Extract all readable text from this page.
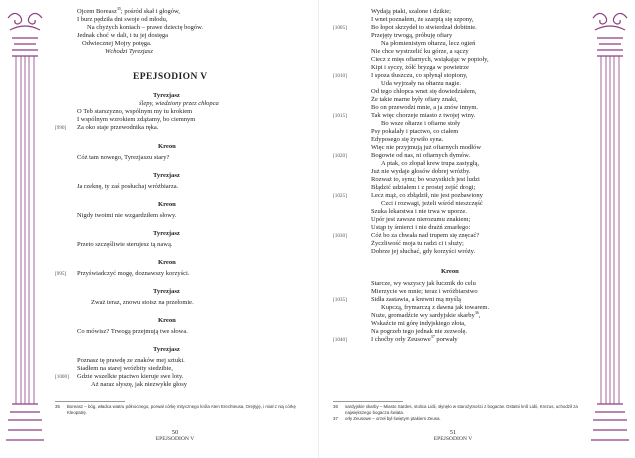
Ojcem Boreasz$^{35}$; pośród skał i głogów,
I burz pędziła dni swoje od młodu,
Na chyżych koniach – prawe dziecię bogów.
Jednak choć w dali, i tu jej dosięga
Odwiecznej Mojry potęga.
Wchodzi Tyrezjasz
EPEJSODION V
Tyrezjasz
ślepy, wiedziony przez chłopca
O Teb starszyzno, wspólnym my tu krokiem
I wspólnym wzrokiem zdążamy, bo ciemnym
[990] Za oko staje przewodnika ręka.
Kreon
Cóż tam nowego, Tyrezjaszu stary?
Tyrezjasz
Ja rzeknę, ty zaś posłuchaj wróżbiarza.
Kreon
Nigdy twoimi nie wzgardziłem słowy.
Tyrezjasz
Przeto szczęśliwie sterujesz tą nawą.
Kreon
[995] Przyświadczyć mogę, doznawszy korzyści.
Tyrezjasz
Zważ teraz, znowu stoisz na przełomie.
Kreon
Co mówisz? Trwogą przejmują twe słowa.
Tyrezjasz
Poznasz tę prawdę ze znaków mej sztuki.
Siadłem na starej wróżbity siedzibie,
[1000] Gdzie wszelkie ptactwo kieruje swe loty.
Aż naraz słyszę, jak niezwykłe głosy
35	Boreasz – bóg, władca wiatru północnego, porwał córkę mitycznego króla Aten Erechteusa, Orejtyję, i miał z nią córkę Kleopatrę.
50
EPEJSODION V
Wydają ptaki, szalone i dzikie;
I wnet poznałem, że szarpią się szpony,
[1005]	Bo łopot skrzydeł to stwierdzał dobitnie.
Przejęty trwogą, próbuję ofiary
Na płomienistym ołtarzu, lecz ogień
Nie chce wystrzelić ku górze, a sączy
Ciecz z mięs ofiarnych, wsiąkając w popioły,
Kipi i syczy, żółć bryzga w powietrze
[1010]	I spoza tłuszczu, co spłynął stopiony,
Uda wyjrzały na ołtarzu nagie.
Od tego chłopca wnet się dowiedziałem,
Że takie marne były ofiary znaki,
Bo on przewodzi mnie, a ja znów innym.
[1015]	Tak więc chorzeje miasto z twojej winy.
Bo wsze ołtarze i ofiarne stoły
Psy pokalały i ptactwo, co ciałem
Edyposego się żywiło syna.
Więc nie przyjmują już ofiarnych modłów
[1020]	Bogowie od nas, ni ofiarnych dymów.
A ptak, co złopał krew trupa zastygłą,
Już nie wydaje głosów dobrej wróżby.
Rozważ to, synu; bo wszystkich jest ludzi
Błądzić udziałem i z prostej zejść drogi;
[1025]	Lecz mąż, co zbłądził, nie jest pozbawiony
Czci i rozwagi, jeżeli wśród nieszczęść
Szuka lekarstwa i nie trwa w uporze.
Upór jest zawsze nierozumu znakiem;
Ustąp ty śmierci i nie drażń zmarłego:
[1030]	Cóż bo za chwała nad trupem się znęcać?
Życzliwość moja tu radzi ci i służy;
Dobrze jej słuchać, gdy korzyści wróży.
Kreon
Starcze, wy wszyscy jak łucznik do celu
Mierzycie we mnie; teraz i wróżbiarstwo
[1035]	Sidła zastawia, a krewni mą myślą
Kupczą, frymarczą z dawna jak towarem.
Nuże, gromadźcie wy sardyjskie skarby$^{36}$,
Wskaźcie mi górę indyjskiego złota,
Na pogrzeb tego jednak nie zezwolę.
[1040]	I choćby orły Zeusowe$^{37}$ porwały
36	sardyjskie skarby – Miasto Sardes, stolica Lidii, słynęło w starożytności z bogactw. Ostatni król Lidii, Krezus, uchodził za największego bogacza świata.
37	orły Zeusowe – orzeł był świętym ptakiem Zeusa.
51
EPEJSODION V
